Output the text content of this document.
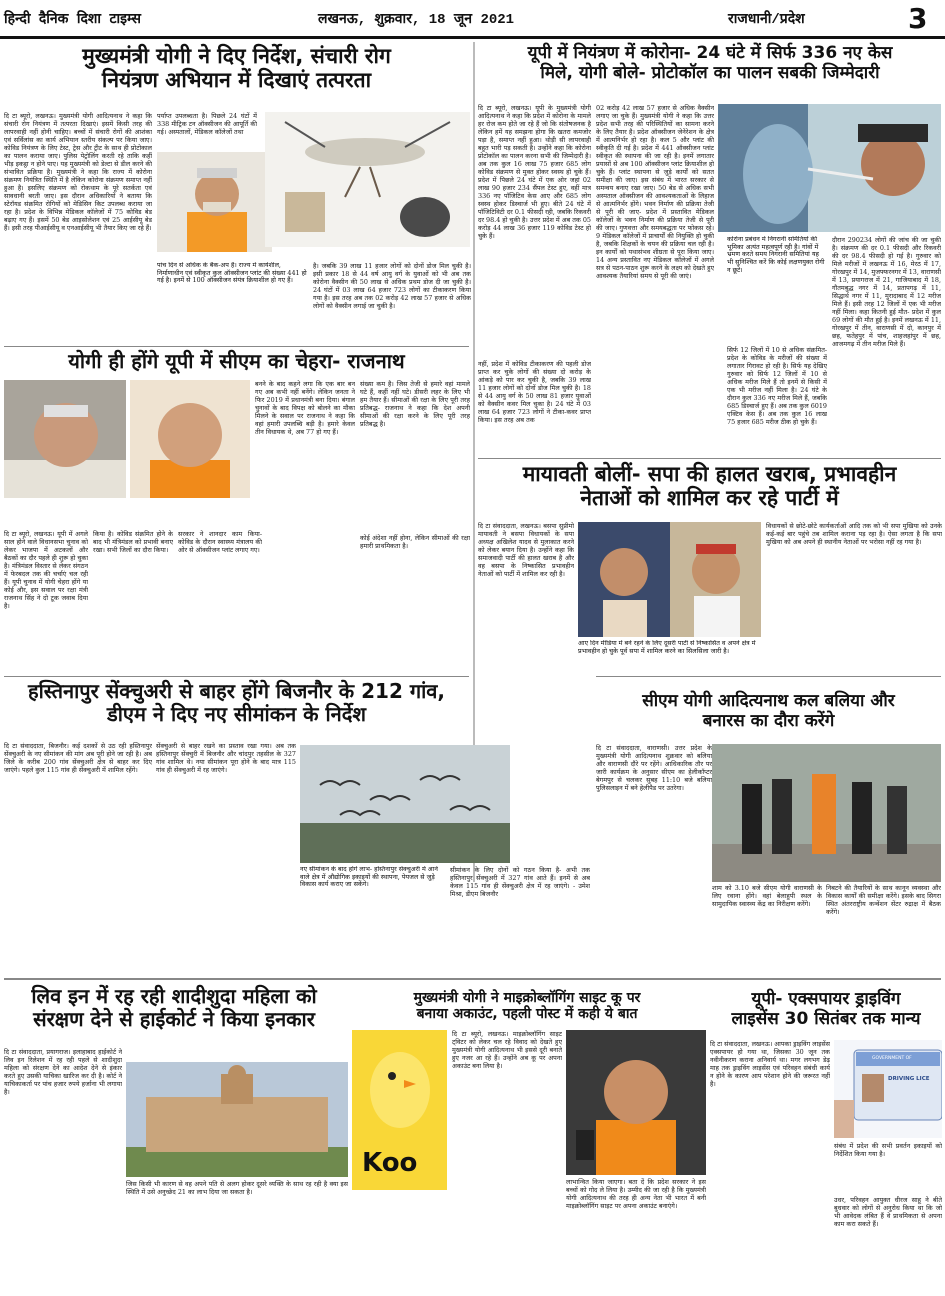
हिन्दी दैनिक दिशा टाइम्स	लखनऊ, शुक्रवार, 18 जून 2021	राजधानी/प्रदेश	3
मुख्यमंत्री योगी ने दिए निर्देश, संचारी रोग
नियंत्रण अभियान में दिखाएं तत्परता
दि टा ब्यूरो, लखनऊ। मुख्यमंत्री योगी आदित्यनाथ ने कहा कि संचारी रोग नियंत्रण में तत्परता दिखाएं। इसमें किसी तरह की लापरवाही नहीं होनी चाहिए। बच्चों में संचारी रोगों की आशंका एवं सर्विलांस का कार्य अभियान स्तरीय संकल्प पर किया जाए। कोविड नियंत्रण के लिए टेस्ट, ट्रेस और ट्रीट के साथ ही प्रोटोकाल का पालन कराया जाए। पुलिस पेट्रोलिंग करती रहे ताकि कहीं भीड़ इकट्ठा न होने पाए। यह मुख्यमंत्री को डेल्टा से डील करने की संभावित प्रक्रिया है। मुख्यमंत्री ने कहा कि राज्य में कोरोना संक्रमण नियंत्रित स्थिति में है लेकिन कोरोना संक्रमण समाप्त नहीं हुआ है। इसलिए संक्रमण को रोकथाम के पूरे सतर्कता एवं सावधानी बरती जाए। इस दौरान अधिकारियों ने बताया कि स्टेरॉयड संक्रमित रोगियों को मेडिसिन किट उपलब्ध कराया जा रहा है। प्रदेश के विभिन्न मेडिकल कॉलेजों में 75 कोविड बेड बढ़ाए गए हैं। इसमें 50 बेड आइसोलेशन एवं 25 आईसीयू बेड हैं। इसी तरह पीआईसीयू व एनआईसीयू भी तैयार किए जा रहे हैं।
पर्याप्त उपलब्धता है। पिछले 24 घंटों में 338 मीट्रिक टन ऑक्सीजन की आपूर्ति की गई। अस्पतालों, मेडिकल कॉलेजों तथा
पांच दिन से अधिक के बैक-अप है। राज्य में कार्यशील, निर्माणाधीन एवं स्वीकृत कुल ऑक्सीजन प्लांट की संख्या 441 हो गई है। इनमें से 100 ऑक्सीजन संयंत्र क्रियाशील हो गए हैं।
है। जबकि 39 लाख 11 हजार लोगों को दोनों डोज मिल चुकी है। इसी प्रकार 18 से 44 वर्ष आयु वर्ग के युवाओं को भी अब तक कोरोना वैक्सीन की 50 लाख से अधिक प्रथम डोज दी जा चुकी है। 24 घंटों में 03 लाख 64 हजार 723 लोगों का टीकाकरण किया गया है। इस तरह अब तक 02 करोड़ 42 लाख 57 हजार से अधिक लोगों को वैक्सीन लगाई जा चुकी है।
यूपी में नियंत्रण में कोरोना- 24 घंटे में सिर्फ 336 नए केस
मिले, योगी बोले- प्रोटोकॉल का पालन सबकी जिम्मेदारी
दि टा ब्यूरो, लखनऊ। यूपी के मुख्यमंत्री योगी आदित्यनाथ ने कहा कि प्रदेश में कोरोना के मामले हर रोज कम होते जा रहे हैं जो कि संतोषजनक है लेकिन हमें यह समझना होगा कि खतरा कमजोर पड़ा है, समाप्त नहीं हुआ। थोड़ी सी लापरवाही बहुत भारी पड़ सकती है। उन्होंने कहा कि कोरोना प्रोटोकॉल का पालन करना सभी की जिम्मेदारी है। अब तक कुल 16 लाख 75 हजार 685 लोग कोविड संक्रमण से मुक्त होकर स्वस्थ हो चुके हैं। प्रदेश में पिछले 24 घंटे में एक ओर जहां 02 लाख 90 हजार 234 सैंपल टेस्ट हुए, वहीं मात्र 336 नए पॉजिटिव केस आए और 685 लोग स्वस्थ होकर डिस्चार्ज भी हुए। बीते 24 घंटे में पॉजिटिविटी दर 0.1 फीसदी रही, जबकि रिकवरी दर 98.4 हो चुकी है। उत्तर प्रदेश में अब तक 05 करोड़ 44 लाख 36 हजार 119 कोविड टेस्ट हो चुके हैं।
नहीं, प्रदेश में कोविड टीकाकरण की पहली डोज प्राप्त कर चुके लोगों की संख्या दो करोड़ के आंकड़े को पार कर चुकी है, जबकि 39 लाख 11 हजार लोगों को दोनों डोज मिल चुकी है। 18 से 44 आयु वर्ग के 50 लाख 81 हजार युवाओं को वैक्सीन कवर मिल चुका है। 24 घंटे में 03 लाख 64 हजार 723 लोगों ने टीका-कवर प्राप्त किया। इस तरह अब तक
02 करोड़ 42 लाख 57 हजार से अधिक वैक्सीन लगाए जा चुके हैं। मुख्यमंत्री योगी ने कहा कि उत्तर प्रदेश सभी तरह की परिस्थितियों का सामना करने के लिए तैयार है। प्रदेश ऑक्सीजन जेनेरेशन के क्षेत्र में आत्मनिर्भर हो रहा है। कल 5 और प्लांट की स्वीकृति दी गई है। प्रदेश में 441 ऑक्सीजन प्लांट स्वीकृत की स्थापना की जा रही है। इनमें लगातार प्रयासों से अब 100 ऑक्सीजन प्लांट क्रियाशील हो चुके हैं। प्लांट स्थापना से जुड़े कार्यों को सतत समीक्षा की जाए। इस संबंध में भारत सरकार से समन्वय बनाए रखा जाए। 50 बेड से अधिक सभी अस्पताल ऑक्सीजन की आवश्यकताओं के लिहाज से आत्मनिर्भर होंगे। भवन निर्माण की प्रक्रिया तेजी से पूरी की जाए- प्रदेश में प्रस्तावित मेडिकल कॉलेजों के भवन निर्माण की प्रक्रिया तेजी से पूरी की जाए। गुणवत्ता और समयबद्धता पर फोकस रहे। 9 मेडिकल कॉलेजों में प्राचार्यों की नियुक्ति हो चुकी है, जबकि शिक्षकों के चयन की प्रक्रिया चल रही है। इन कार्यों को यथासंभव शीघ्रता से पूरा किया जाए। 14 अन्य प्रस्तावित नए मेडिकल कॉलेजों में अगले सत्र से पठन-पाठन शुरू करने के लक्ष्य को देखते हुए आवश्यक तैयारियां समय से पूरी की जाएं।
कोरोना प्रबंधन में निगरानी समितियों की भूमिका अत्यंत महत्वपूर्ण रही है। गांवों में भ्रमण करते समय निगरानी समितियां यह भी सुनिश्चित करें कि कोई लक्षणयुक्त रोगी न छूटे।
सिर्फ 12 जिलों में 10 से अधिक संक्रमित- प्रदेश के कोविड के मरीजों की संख्या में लगातार गिरावट हो रही है। सिर्फ यह देखिए गुरुवार को सिर्फ 12 जिलों में 10 से अधिक मरीज मिले हैं तो इनमें से किसी में एक भी मरीज नहीं मिला है। 24 घंटे के दौरान कुल 336 नए मरीज मिले हैं, जबकि 685 डिस्चार्ज हुए हैं। अब तक कुल 6019 एक्टिव केस हैं। अब तक कुल 16 लाख 75 हजार 685 मरीज ठीक हो चुके हैं।
दौरान 290234 लोगों की जांच की जा चुकी है। संक्रमण की दर 0.1 फीसदी और रिकवरी की दर 98.4 फीसदी हो गई है। गुरुवार को मिले मरीजों में लखनऊ में 16, मेरठ में 17, गोरखपुर में 14, मुजफ्फरनगर में 13, वाराणसी में 13, प्रयागराज में 21, गाजियाबाद में 18, गौतमबुद्ध नगर में 14, प्रतापगढ़ में 11, सिद्धार्थ नगर में 11, मुरादाबाद में 12 मरीज मिले हैं। इसी तरह 12 जिलों में एक भी मरीज नहीं मिला। कहा कितनी हुई मौत- प्रदेश में कुल 69 लोगों की मौत हुई है। इनमें लखनऊ में 11, गोरखपुर में तीन, वाराणसी में दो, कानपुर में छह, फतेहपुर में पांच, शाहजहांपुर में छह, आजमगढ़ में तीन मरीज मिले हैं।
योगी ही होंगे यूपी में सीएम का चेहरा- राजनाथ
बनने के बाद कहने लगा कि एक बार बन गए अब कभी नहीं बनेंगे। लेकिन जनता ने फिर 2019 में प्रधानमंत्री बना दिया। बंगाल चुनावों के बाद विपक्ष को बोलने का मौका मिलने के सवाल पर राजनाथ ने कहा कि वहां हमारी उपलब्धि बड़ी है। हमारे केवल तीन विधायक थे, अब 77 हो गए हैं।
संख्या कम है। जिस तेजी से हमारे वहां मामले घटे हैं, कहीं नहीं घटे। डीसरी लहर के लिए भी हम तैयार हैं। सीमाओं की रक्षा के लिए पूरी तरह प्रतिबद्ध- राजनाथ ने कहा कि देश अपनी सीमाओं की रक्षा करने के लिए पूरी तरह प्रतिबद्ध है।
दि टा ब्यूरो, लखनऊ। यूपी में अगले साल होने वाले विधानसभा चुनाव को लेकर भाजपा में अटकलों और बैठकों का दौर पहले ही शुरू हो चुका है। मंत्रिमंडल विस्तार से लेकर संगठन में फेरबदल तक की चर्चाएं चल रही हैं। यूपी चुनाव में योगी चेहरा होंगे या कोई और, इस सवाल पर रक्षा मंत्री राजनाथ सिंह ने दो टूक जवाब दिया है।
किया है। कोविड संक्रमित होने के बाद भी मंत्रिमंडल को प्रभावी बनाए रखा। सभी जिलों का दौरा किया।
सरकार ने शानदार काम किया- कोविड के दौरान स्वास्थ्य मंत्रालय की ओर से ऑक्सीजन प्लांट लगाए गए।
कोई अंदेशा नहीं होना, लेकिन सीमाओं की रक्षा हमारी प्राथमिकता है।
मायावती बोलीं- सपा की हालत खराब, प्रभावहीन
नेताओं को शामिल कर रहे पार्टी में
दि टा संवाददाता, लखनऊ। बसपा सुप्रीमो मायावती ने बसपा विधायकों के सपा अध्यक्ष अखिलेश यादव से मुलाकात करने को लेकर बयान दिया है। उन्होंने कहा कि समाजवादी पार्टी की हालत खराब है और वह बसपा के निष्कासित प्रभावहीन नेताओं को पार्टी में शामिल कर रही है।
आए दिन मीडिया में बने रहने के लिए दूसरी पार्टी से निष्कासित व अपने क्षेत्र में प्रभावहीन हो चुके पूर्व सपा में शामिल करने का सिलसिला जारी है।
विधायकों से छोटे-छोटे कार्यकर्ताओं आदि तक को भी सपा मुखिया को उनके कई-कई बार पहुंचे तब शामिल कराना पड़ रहा है। ऐसा लगता है कि सपा मुखिया को अब अपने ही स्थानीय नेताओं पर भरोसा नहीं रह गया है।
हस्तिनापुर सेंक्चुअरी से बाहर होंगे बिजनौर के 212 गांव,
डीएम ने दिए नए सीमांकन के निर्देश
दि टा संवाददाता, बिजनौर। कई दशकों से उठ रही हस्तिनापुर सेंक्चुअरी के नए सीमांकन की मांग अब पूरी होने जा रही है। अब जिले के करीब 200 गांव सेंक्चुअरी क्षेत्र से बाहर कर दिए जाएंगे। पहले कुल 115 गांव ही सेंक्चुअरी में शामिल रहेंगे।
सेंक्चुअरी से बाहर रखने का प्रस्ताव रखा गया। अब तक हस्तिनापुर सेंक्चुरी में बिजनौर और चांदपुर तहसील के 327 गांव शामिल थे। नया सीमांकन पूरा होने के बाद मात्र 115 गांव ही सेंक्चुअरी में रह जाएंगे।
नए सीमांकन के बाद होंगे लाभ- हस्तिनापुर सेंक्चुअरी में आने वाले क्षेत्र में औद्योगिक इकाइयों की स्थापना, पेयजल से जुड़े विकास कार्य कराए जा सकेंगे।
सीमांकन के लिए दोनों को गठन किया है- अभी तक हस्तिनापुर सेंक्चुअरी में 327 गांव आते हैं। इनमें से अब केवल 115 गांव ही सेंक्चुअरी क्षेत्र में रह जाएंगे। - उमेश मिश्रा, डीएम बिजनौर
सीएम योगी आदित्यनाथ कल बलिया और
बनारस का दौरा करेंगे
दि टा संवाददाता, वाराणसी। उत्तर प्रदेश के मुख्यमंत्री योगी आदित्यनाथ शुक्रवार को बलिया और वाराणसी दौरे पर रहेंगे। आधिकारिक तौर पर जारी कार्यक्रम के अनुसार सीएम का हेलीकॉप्टर बेगमपुर से चलकर सुबह 11:10 बजे बलिया पुलिसलाइन में बने हेलीपैड पर उतरेगा।
शाम को 3.10 बजे सीएम योगी वाराणसी के लिए रवाना होंगे। वहां बेलाहुपी स्थल के सामुदायिक स्वास्थ्य केंद्र का निरीक्षण करेंगे।
निबटने की तैयारियों के साथ कानून व्यवस्था और विकास कार्यों की समीक्षा करेंगे। इसके बाद सिगरा स्थित अंतरराष्ट्रीय कन्वेंशन सेंटर रुद्राक्ष में बैठक करेंगे।
लिव इन में रह रही शादीशुदा महिला को
संरक्षण देने से हाईकोर्ट ने किया इनकार
दि टा संवाददाता, प्रयागराज। इलाहाबाद हाईकोर्ट ने लिव इन रिलेशन में रह रही पहले से शादीशुदा महिला को संरक्षण देने का आदेश देने से इंकार करते हुए उसकी याचिका खारिज कर दी है। कोर्ट ने याचिकाकर्ता पर पांच हजार रुपये हर्जाना भी लगाया है।
जिस किसी भी कारण से वह अपने पति से अलग होकर दूसरे व्यक्ति के साथ रह रही है क्या इस स्थिति में उसे अनुच्छेद 21 का लाभ दिया जा सकता है।
मुख्यमंत्री योगी ने माइक्रोब्लॉगिंग साइट कू पर
बनाया अकाउंट, पहली पोस्ट में कही ये बात
Koo
दि टा ब्यूरो, लखनऊ। माइक्रोब्लॉगिंग साइट ट्विटर को लेकर चल रहे विवाद को देखते हुए मुख्यमंत्री योगी आदित्यनाथ भी इससे दूरी बनाते हुए नजर आ रहे हैं। उन्होंने अब कू पर अपना अकाउंट बना लिया है।
लाभान्वित किया जाएगा। बता दें कि प्रदेश सरकार ने इस बच्चों को गोद ले लिया है। उम्मीद की जा रही है कि मुख्यमंत्री योगी आदित्यनाथ की तरह ही अन्य नेता भी भारत में बनी माइक्रोब्लॉगिंग साइट पर अपना अकाउंट बनाएंगे।
यूपी- एक्सपायर ड्राइविंग
लाइसेंस 30 सितंबर तक मान्य
दि टा संवाददाता, लखनऊ। आपका ड्राइविंग लाइसेंस एक्सपायर हो गया था, जिसका 30 जून तक नवीनीकरण कराना अनिवार्य था। मगर लगभग डेढ़ माह तक ड्राइविंग लाइसेंस एवं परिवहन संबंधी कार्य न होने के कारण आप परेशान होने की जरूरत नहीं है।
GOVERNMENT OF
DRIVING LICE
संबंध में प्रदेश की सभी प्रवर्तन इकाइयों को निर्देशित किया गया है।
उधर, परिवहन आयुक्त धीरज साहू ने बीते बुधवार को लोगों से अनुरोध किया था कि जो भी आवेदक लंबित हैं वे प्राथमिकता से अपना काम करा सकते हैं।
